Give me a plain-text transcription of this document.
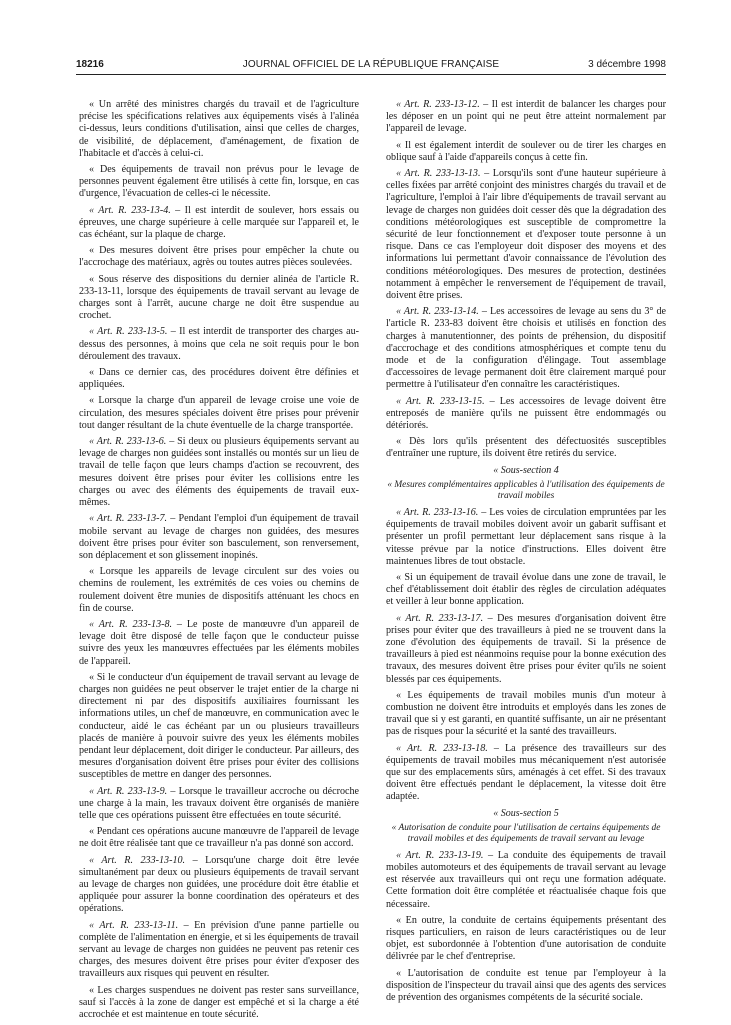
18216	JOURNAL OFFICIEL DE LA RÉPUBLIQUE FRANÇAISE	3 décembre 1998

« Un arrêté des ministres chargés du travail et de l'agriculture précise les spécifications relatives aux équipements visés à l'alinéa ci-dessus, leurs conditions d'utilisation, ainsi que celles de charges, de visibilité, de déplacement, d'aménagement, de fixation de l'habitacle et d'accès à celui-ci.

« Des équipements de travail non prévus pour le levage de personnes peuvent également être utilisés à cette fin, lorsque, en cas d'urgence, l'évacuation de celles-ci le nécessite.

« Art. R. 233-13-4. – Il est interdit de soulever, hors essais ou épreuves, une charge supérieure à celle marquée sur l'appareil et, le cas échéant, sur la plaque de charge.

« Des mesures doivent être prises pour empêcher la chute ou l'accrochage des matériaux, agrès ou toutes autres pièces soulevées.

« Sous réserve des dispositions du dernier alinéa de l'article R. 233-13-11, lorsque des équipements de travail servant au levage de charges sont à l'arrêt, aucune charge ne doit être suspendue au crochet.

« Art. R. 233-13-5. – Il est interdit de transporter des charges au-dessus des personnes, à moins que cela ne soit requis pour le bon déroulement des travaux.

« Dans ce dernier cas, des procédures doivent être définies et appliquées.

« Lorsque la charge d'un appareil de levage croise une voie de circulation, des mesures spéciales doivent être prises pour prévenir tout danger résultant de la chute éventuelle de la charge transportée.

« Art. R. 233-13-6. – Si deux ou plusieurs équipements servant au levage de charges non guidées sont installés ou montés sur un lieu de travail de telle façon que leurs champs d'action se recouvrent, des mesures doivent être prises pour éviter les collisions entre les charges ou avec des éléments des équipements de travail eux-mêmes.

« Art. R. 233-13-7. – Pendant l'emploi d'un équipement de travail mobile servant au levage de charges non guidées, des mesures doivent être prises pour éviter son basculement, son renversement, son déplacement et son glissement inopinés.

« Lorsque les appareils de levage circulent sur des voies ou chemins de roulement, les extrémités de ces voies ou chemins de roulement doivent être munies de dispositifs atténuant les chocs en fin de course.

« Art. R. 233-13-8. – Le poste de manœuvre d'un appareil de levage doit être disposé de telle façon que le conducteur puisse suivre des yeux les manœuvres effectuées par les éléments mobiles de l'appareil.

« Si le conducteur d'un équipement de travail servant au levage de charges non guidées ne peut observer le trajet entier de la charge ni directement ni par des dispositifs auxiliaires fournissant les informations utiles, un chef de manœuvre, en communication avec le conducteur, aidé le cas échéant par un ou plusieurs travailleurs placés de manière à pouvoir suivre des yeux les éléments mobiles pendant leur déplacement, doit diriger le conducteur. Par ailleurs, des mesures d'organisation doivent être prises pour éviter des collisions susceptibles de mettre en danger des personnes.

« Art. R. 233-13-9. – Lorsque le travailleur accroche ou décroche une charge à la main, les travaux doivent être organisés de manière telle que ces opérations puissent être effectuées en toute sécurité.

« Pendant ces opérations aucune manœuvre de l'appareil de levage ne doit être réalisée tant que ce travailleur n'a pas donné son accord.

« Art. R. 233-13-10. – Lorsqu'une charge doit être levée simultanément par deux ou plusieurs équipements de travail servant au levage de charges non guidées, une procédure doit être établie et appliquée pour assurer la bonne coordination des opérateurs et des opérations.

« Art. R. 233-13-11. – En prévision d'une panne partielle ou complète de l'alimentation en énergie, et si les équipements de travail servant au levage de charges non guidées ne peuvent pas retenir ces charges, des mesures doivent être prises pour éviter d'exposer des travailleurs aux risques qui peuvent en résulter.

« Les charges suspendues ne doivent pas rester sans surveillance, sauf si l'accès à la zone de danger est empêché et si la charge a été accrochée et est maintenue en toute sécurité.

« Art. R. 233-13-12. – Il est interdit de balancer les charges pour les déposer en un point qui ne peut être atteint normalement par l'appareil de levage.

« Il est également interdit de soulever ou de tirer les charges en oblique sauf à l'aide d'appareils conçus à cette fin.

« Art. R. 233-13-13. – Lorsqu'ils sont d'une hauteur supérieure à celles fixées par arrêté conjoint des ministres chargés du travail et de l'agriculture, l'emploi à l'air libre d'équipements de travail servant au levage de charges non guidées doit cesser dès que la dégradation des conditions météorologiques est susceptible de compromettre la sécurité de leur fonctionnement et d'exposer toute personne à un risque. Dans ce cas l'employeur doit disposer des moyens et des informations lui permettant d'avoir connaissance de l'évolution des conditions météorologiques. Des mesures de protection, destinées notamment à empêcher le renversement de l'équipement de travail, doivent être prises.

« Art. R. 233-13-14. – Les accessoires de levage au sens du 3° de l'article R. 233-83 doivent être choisis et utilisés en fonction des charges à manutentionner, des points de préhension, du dispositif d'accrochage et des conditions atmosphériques et compte tenu du mode et de la configuration d'élingage. Tout assemblage d'accessoires de levage permanent doit être clairement marqué pour permettre à l'utilisateur d'en connaître les caractéristiques.

« Art. R. 233-13-15. – Les accessoires de levage doivent être entreposés de manière qu'ils ne puissent être endommagés ou détériorés.

« Dès lors qu'ils présentent des défectuosités susceptibles d'entraîner une rupture, ils doivent être retirés du service.

« Sous-section 4

« Mesures complémentaires applicables à l'utilisation des équipements de travail mobiles

« Art. R. 233-13-16. – Les voies de circulation empruntées par les équipements de travail mobiles doivent avoir un gabarit suffisant et présenter un profil permettant leur déplacement sans risque à la vitesse prévue par la notice d'instructions. Elles doivent être maintenues libres de tout obstacle.

« Si un équipement de travail évolue dans une zone de travail, le chef d'établissement doit établir des règles de circulation adéquates et veiller à leur bonne application.

« Art. R. 233-13-17. – Des mesures d'organisation doivent être prises pour éviter que des travailleurs à pied ne se trouvent dans la zone d'évolution des équipements de travail. Si la présence de travailleurs à pied est néanmoins requise pour la bonne exécution des travaux, des mesures doivent être prises pour éviter qu'ils ne soient blessés par ces équipements.

« Les équipements de travail mobiles munis d'un moteur à combustion ne doivent être introduits et employés dans les zones de travail que si y est garanti, en quantité suffisante, un air ne présentant pas de risques pour la sécurité et la santé des travailleurs.

« Art. R. 233-13-18. – La présence des travailleurs sur des équipements de travail mobiles mus mécaniquement n'est autorisée que sur des emplacements sûrs, aménagés à cet effet. Si des travaux doivent être effectués pendant le déplacement, la vitesse doit être adaptée.

« Sous-section 5

« Autorisation de conduite pour l'utilisation de certains équipements de travail mobiles et des équipements de travail servant au levage

« Art. R. 233-13-19. – La conduite des équipements de travail mobiles automoteurs et des équipements de travail servant au levage est réservée aux travailleurs qui ont reçu une formation adéquate. Cette formation doit être complétée et réactualisée chaque fois que nécessaire.

« En outre, la conduite de certains équipements présentant des risques particuliers, en raison de leurs caractéristiques ou de leur objet, est subordonnée à l'obtention d'une autorisation de conduite délivrée par le chef d'entreprise.

« L'autorisation de conduite est tenue par l'employeur à la disposition de l'inspecteur du travail ainsi que des agents des services de prévention des organismes compétents de la sécurité sociale.
